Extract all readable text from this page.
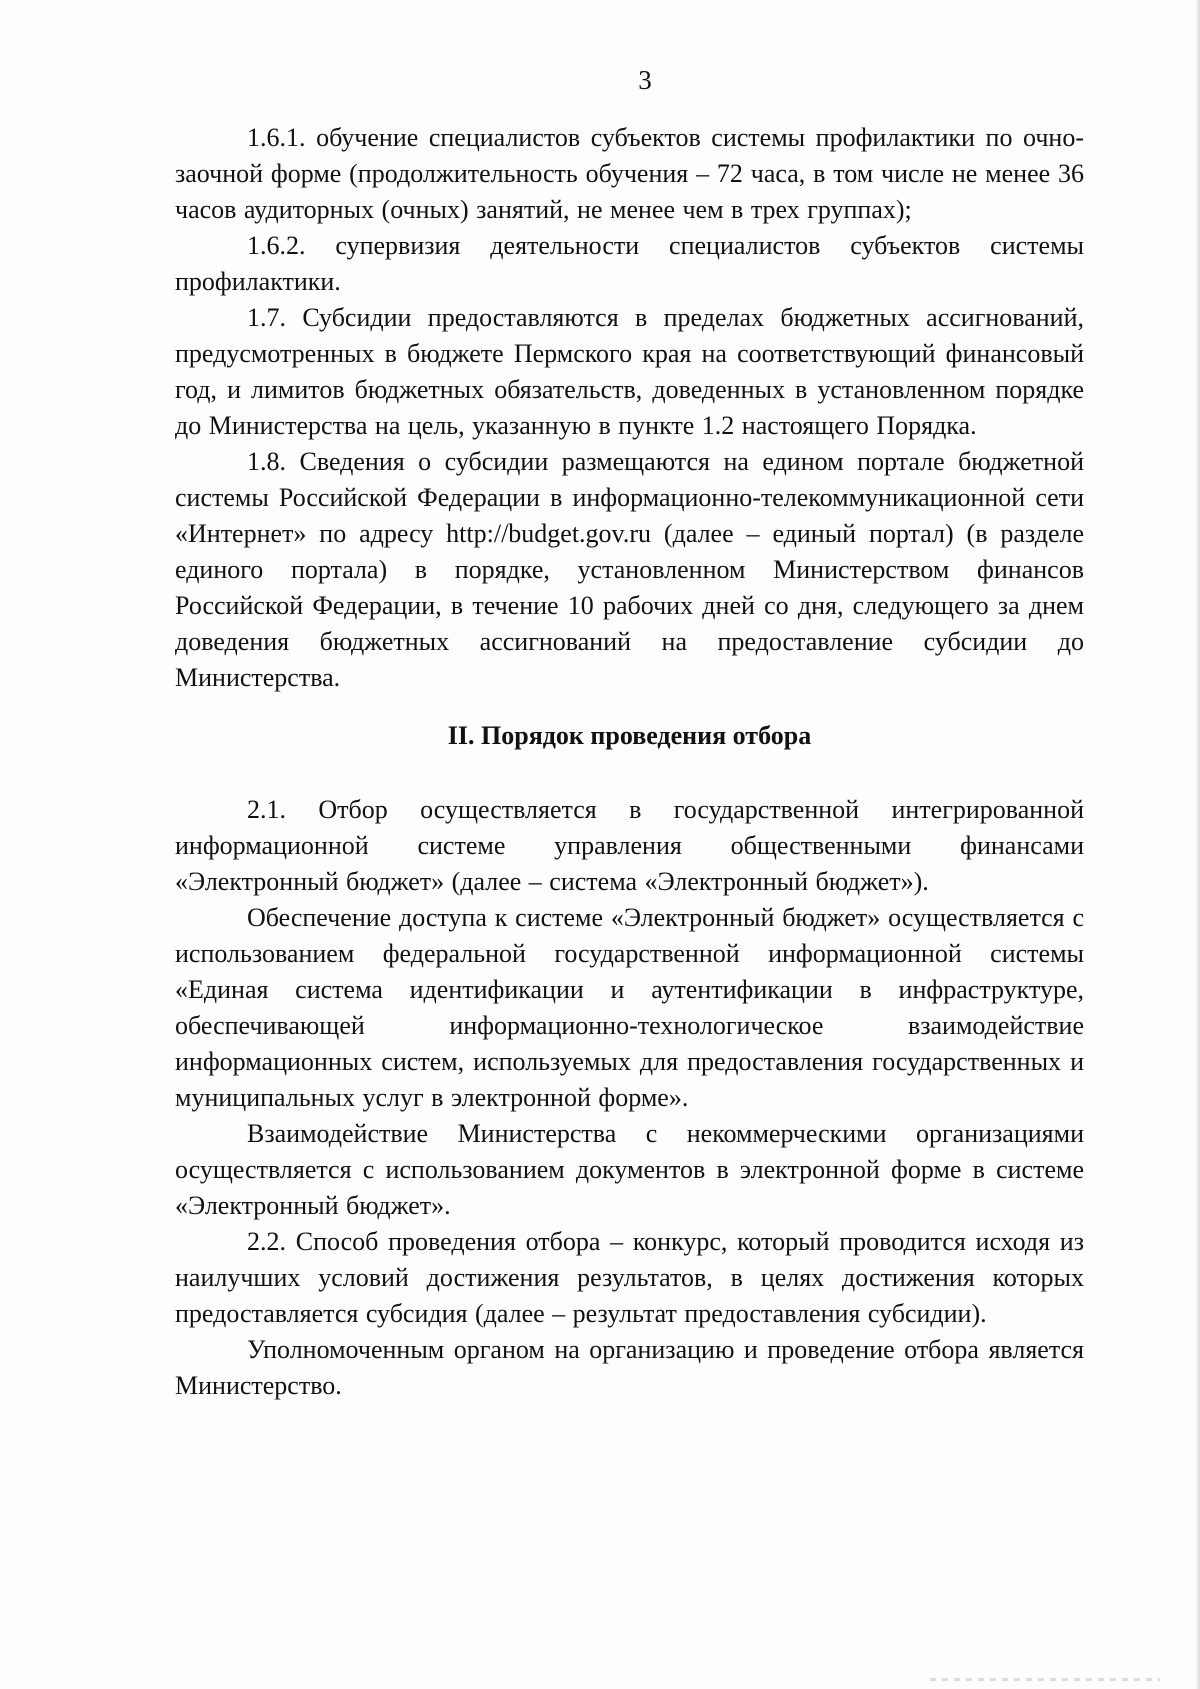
3

1.6.1. обучение специалистов субъектов системы профилактики по очно-заочной форме (продолжительность обучения – 72 часа, в том числе не менее 36 часов аудиторных (очных) занятий, не менее чем в трех группах);

1.6.2. супервизия деятельности специалистов субъектов системы профилактики.

1.7. Субсидии предоставляются в пределах бюджетных ассигнований, предусмотренных в бюджете Пермского края на соответствующий финансовый год, и лимитов бюджетных обязательств, доведенных в установленном порядке до Министерства на цель, указанную в пункте 1.2 настоящего Порядка.

1.8. Сведения о субсидии размещаются на едином портале бюджетной системы Российской Федерации в информационно-телекоммуникационной сети «Интернет» по адресу http://budget.gov.ru (далее – единый портал) (в разделе единого портала) в порядке, установленном Министерством финансов Российской Федерации, в течение 10 рабочих дней со дня, следующего за днем доведения бюджетных ассигнований на предоставление субсидии до Министерства.

II. Порядок проведения отбора

2.1. Отбор осуществляется в государственной интегрированной информационной системе управления общественными финансами «Электронный бюджет» (далее – система «Электронный бюджет»).

Обеспечение доступа к системе «Электронный бюджет» осуществляется с использованием федеральной государственной информационной системы «Единая система идентификации и аутентификации в инфраструктуре, обеспечивающей информационно-технологическое взаимодействие информационных систем, используемых для предоставления государственных и муниципальных услуг в электронной форме».

Взаимодействие Министерства с некоммерческими организациями осуществляется с использованием документов в электронной форме в системе «Электронный бюджет».

2.2. Способ проведения отбора – конкурс, который проводится исходя из наилучших условий достижения результатов, в целях достижения которых предоставляется субсидия (далее – результат предоставления субсидии).

Уполномоченным органом на организацию и проведение отбора является Министерство.
